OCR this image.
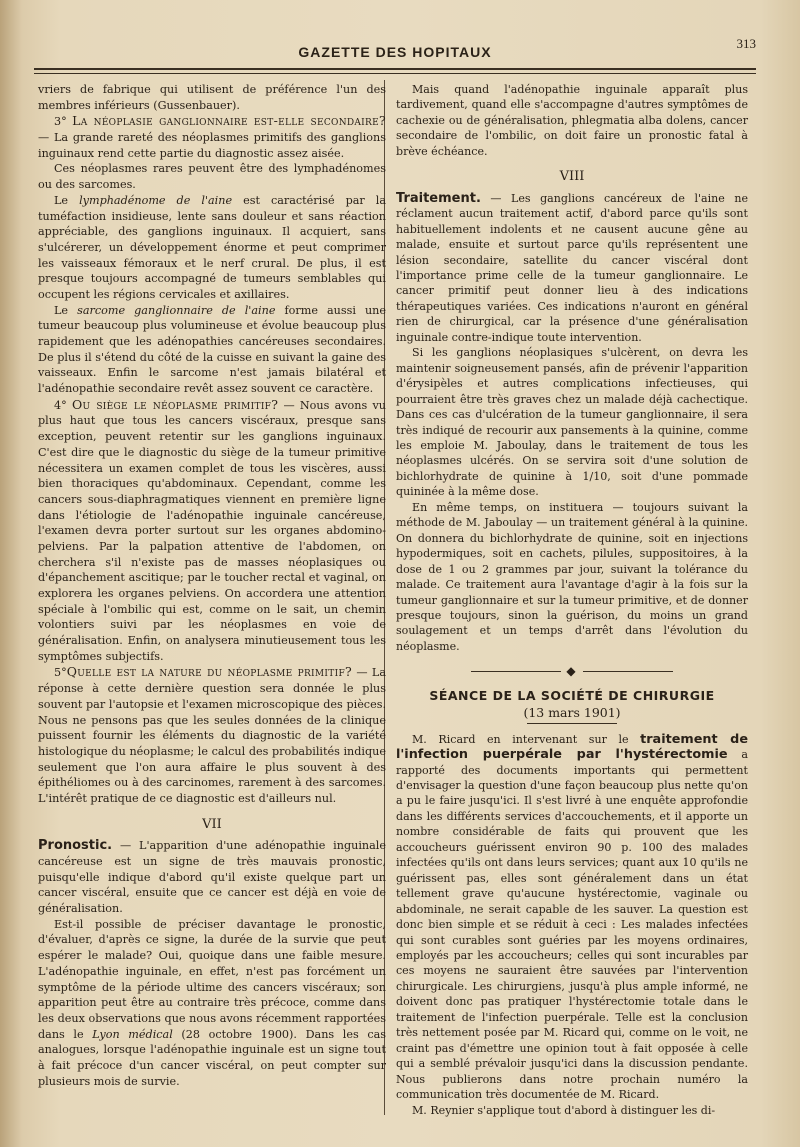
GAZETTE DES HOPITAUX
313

vriers de fabrique qui utilisent de préférence l'un des membres inférieurs (Gussenbauer).

3° La néoplasie ganglionnaire est-elle secondaire? — La grande rareté des néoplasmes primitifs des ganglions inguinaux rend cette partie du diagnostic assez aisée.

Ces néoplasmes rares peuvent être des lymphadénomes ou des sarcomes.

Le lymphadénome de l'aine est caractérisé par la tuméfaction insidieuse, lente sans douleur et sans réaction appréciable, des ganglions inguinaux. Il acquiert, sans s'ulcérerer, un développement énorme et peut comprimer les vaisseaux fémoraux et le nerf crural. De plus, il est presque toujours accompagné de tumeurs semblables qui occupent les régions cervicales et axillaires.

Le sarcome ganglionnaire de l'aine forme aussi une tumeur beaucoup plus volumineuse et évolue beaucoup plus rapidement que les adénopathies cancéreuses secondaires. De plus il s'étend du côté de la cuisse en suivant la gaine des vaisseaux. Enfin le sarcome n'est jamais bilatéral et l'adénopathie secondaire revêt assez souvent ce caractère.

4° Ou siège le néoplasme primitif? — Nous avons vu plus haut que tous les cancers viscéraux, presque sans exception, peuvent retentir sur les ganglions inguinaux. C'est dire que le diagnostic du siège de la tumeur primitive nécessitera un examen complet de tous les viscères, aussi bien thoraciques qu'abdominaux. Cependant, comme les cancers sous-diaphragmatiques viennent en première ligne dans l'étiologie de l'adénopathie inguinale cancéreuse, l'examen devra porter surtout sur les organes abdomino-pelviens. Par la palpation attentive de l'abdomen, on cherchera s'il n'existe pas de masses néoplasiques ou d'épanchement ascitique; par le toucher rectal et vaginal, on explorera les organes pelviens. On accordera une attention spéciale à l'ombilic qui est, comme on le sait, un chemin volontiers suivi par les néoplasmes en voie de généralisation. Enfin, on analysera minutieusement tous les symptômes subjectifs.

5°Quelle est la nature du néoplasme primitif? — La réponse à cette dernière question sera donnée le plus souvent par l'autopsie et l'examen microscopique des pièces. Nous ne pensons pas que les seules données de la clinique puissent fournir les éléments du diagnostic de la variété histologique du néoplasme; le calcul des probabilités indique seulement que l'on aura affaire le plus souvent à des épithéliomes ou à des carcinomes, rarement à des sarcomes. L'intérêt pratique de ce diagnostic est d'ailleurs nul.

VII

Pronostic. — L'apparition d'une adénopathie inguinale cancéreuse est un signe de très mauvais pronostic, puisqu'elle indique d'abord qu'il existe quelque part un cancer viscéral, ensuite que ce cancer est déjà en voie de généralisation.

Est-il possible de préciser davantage le pronostic, d'évaluer, d'après ce signe, la durée de la survie que peut espérer le malade? Oui, quoique dans une faible mesure. L'adénopathie inguinale, en effet, n'est pas forcément un symptôme de la période ultime des cancers viscéraux; son apparition peut être au contraire très précoce, comme dans les deux observations que nous avons récemment rapportées dans le Lyon médical (28 octobre 1900). Dans les cas analogues, lorsque l'adénopathie inguinale est un signe tout à fait précoce d'un cancer viscéral, on peut compter sur plusieurs mois de survie.

Mais quand l'adénopathie inguinale apparaît plus tardivement, quand elle s'accompagne d'autres symptômes de cachexie ou de généralisation, phlegmatia alba dolens, cancer secondaire de l'ombilic, on doit faire un pronostic fatal à brève échéance.

VIII

Traitement. — Les ganglions cancéreux de l'aine ne réclament aucun traitement actif, d'abord parce qu'ils sont habituellement indolents et ne causent aucune gêne au malade, ensuite et surtout parce qu'ils représentent une lésion secondaire, satellite du cancer viscéral dont l'importance prime celle de la tumeur ganglionnaire. Le cancer primitif peut donner lieu à des indications thérapeutiques variées. Ces indications n'auront en général rien de chirurgical, car la présence d'une généralisation inguinale contre-indique toute intervention.

Si les ganglions néoplasiques s'ulcèrent, on devra les maintenir soigneusement pansés, afin de prévenir l'apparition d'érysipèles et autres complications infectieuses, qui pourraient être très graves chez un malade déjà cachectique. Dans ces cas d'ulcération de la tumeur ganglionnaire, il sera très indiqué de recourir aux pansements à la quinine, comme les emploie M. Jaboulay, dans le traitement de tous les néoplasmes ulcérés. On se servira soit d'une solution de bichlorhydrate de quinine à 1/10, soit d'une pommade quininée à la même dose.

En même temps, on instituera — toujours suivant la méthode de M. Jaboulay — un traitement général à la quinine. On donnera du bichlorhydrate de quinine, soit en injections hypodermiques, soit en cachets, pilules, suppositoires, à la dose de 1 ou 2 grammes par jour, suivant la tolérance du malade. Ce traitement aura l'avantage d'agir à la fois sur la tumeur ganglionnaire et sur la tumeur primitive, et de donner presque toujours, sinon la guérison, du moins un grand soulagement et un temps d'arrêt dans l'évolution du néoplasme.

◆
SÉANCE DE LA SOCIÉTÉ DE CHIRURGIE
(13 mars 1901)

M. Ricard en intervenant sur le traitement de l'infection puerpérale par l'hystérectomie a rapporté des documents importants qui permettent d'envisager la question d'une façon beaucoup plus nette qu'on a pu le faire jusqu'ici. Il s'est livré à une enquête approfondie dans les différents services d'accouchements, et il apporte un nombre considérable de faits qui prouvent que les accoucheurs guérissent environ 90 p. 100 des malades infectées qu'ils ont dans leurs services; quant aux 10 qu'ils ne guérissent pas, elles sont généralement dans un état tellement grave qu'aucune hystérectomie, vaginale ou abdominale, ne serait capable de les sauver. La question est donc bien simple et se réduit à ceci : Les malades infectées qui sont curables sont guéries par les moyens ordinaires, employés par les accoucheurs; celles qui sont incurables par ces moyens ne sauraient être sauvées par l'intervention chirurgicale. Les chirurgiens, jusqu'à plus ample informé, ne doivent donc pas pratiquer l'hystérectomie totale dans le traitement de l'infection puerpérale. Telle est la conclusion très nettement posée par M. Ricard qui, comme on le voit, ne craint pas d'émettre une opinion tout à fait opposée à celle qui a semblé prévaloir jusqu'ici dans la discussion pendante. Nous publierons dans notre prochain numéro la communication très documentée de M. Ricard.

M. Reynier s'applique tout d'abord à distinguer les di-
